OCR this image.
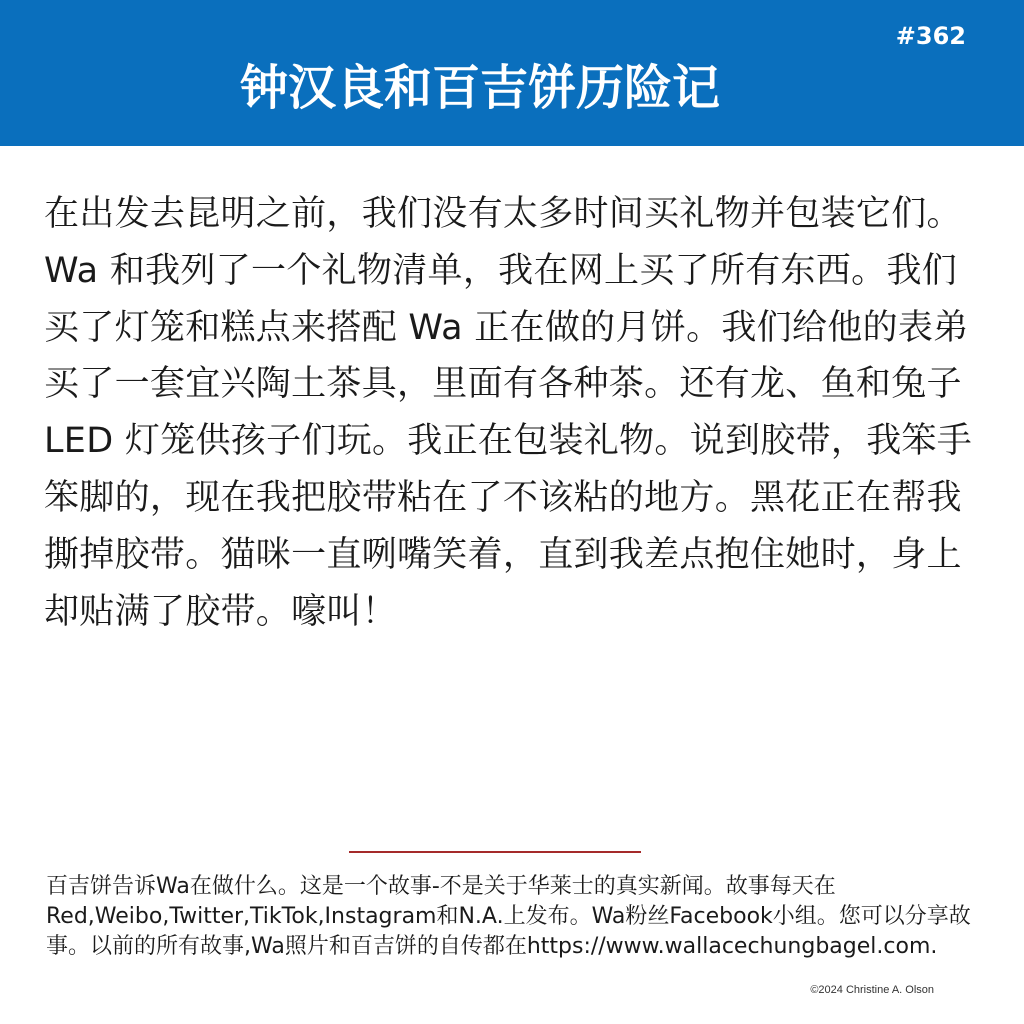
钟汉良和百吉饼历险记
#362
在出发去昆明之前，我们没有太多时间买礼物并包装它们。Wa 和我列了一个礼物清单，我在网上买了所有东西。我们买了灯笼和糕点来搭配 Wa 正在做的月饼。我们给他的表弟买了一套宜兴陶土茶具，里面有各种茶。还有龙、鱼和兔子 LED 灯笼供孩子们玩。我正在包装礼物。说到胶带，我笨手笨脚的，现在我把胶带粘在了不该粘的地方。黑花正在帮我撕掉胶带。猫咪一直咧嘴笑着，直到我差点抱住她时，身上却贴满了胶带。嚎叫！
百吉饼告诉Wa在做什么。这是一个故事-不是关于华莱士的真实新闻。故事每天在Red,Weibo,Twitter,TikTok,Instagram和N.A.上发布。Wa粉丝Facebook小组。您可以分享故事。以前的所有故事,Wa照片和百吉饼的自传都在https://www.wallacechungbagel.com.
©2024 Christine A. Olson
